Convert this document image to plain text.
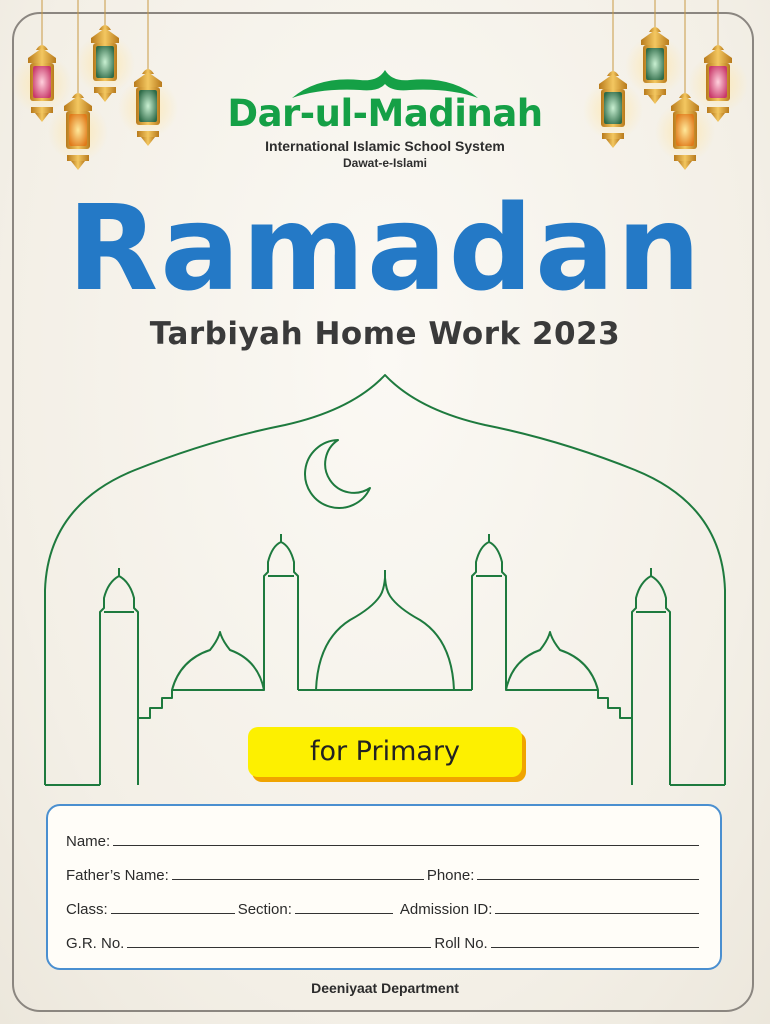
Dar-ul-Madinah
International Islamic School System
Dawat-e-Islami
Ramadan
Tarbiyah Home Work 2023
for Primary
Name:
Father’s Name:	Phone:
Class:	Section:	Admission ID:
G.R. No.	Roll No.
Deeniyaat Department
